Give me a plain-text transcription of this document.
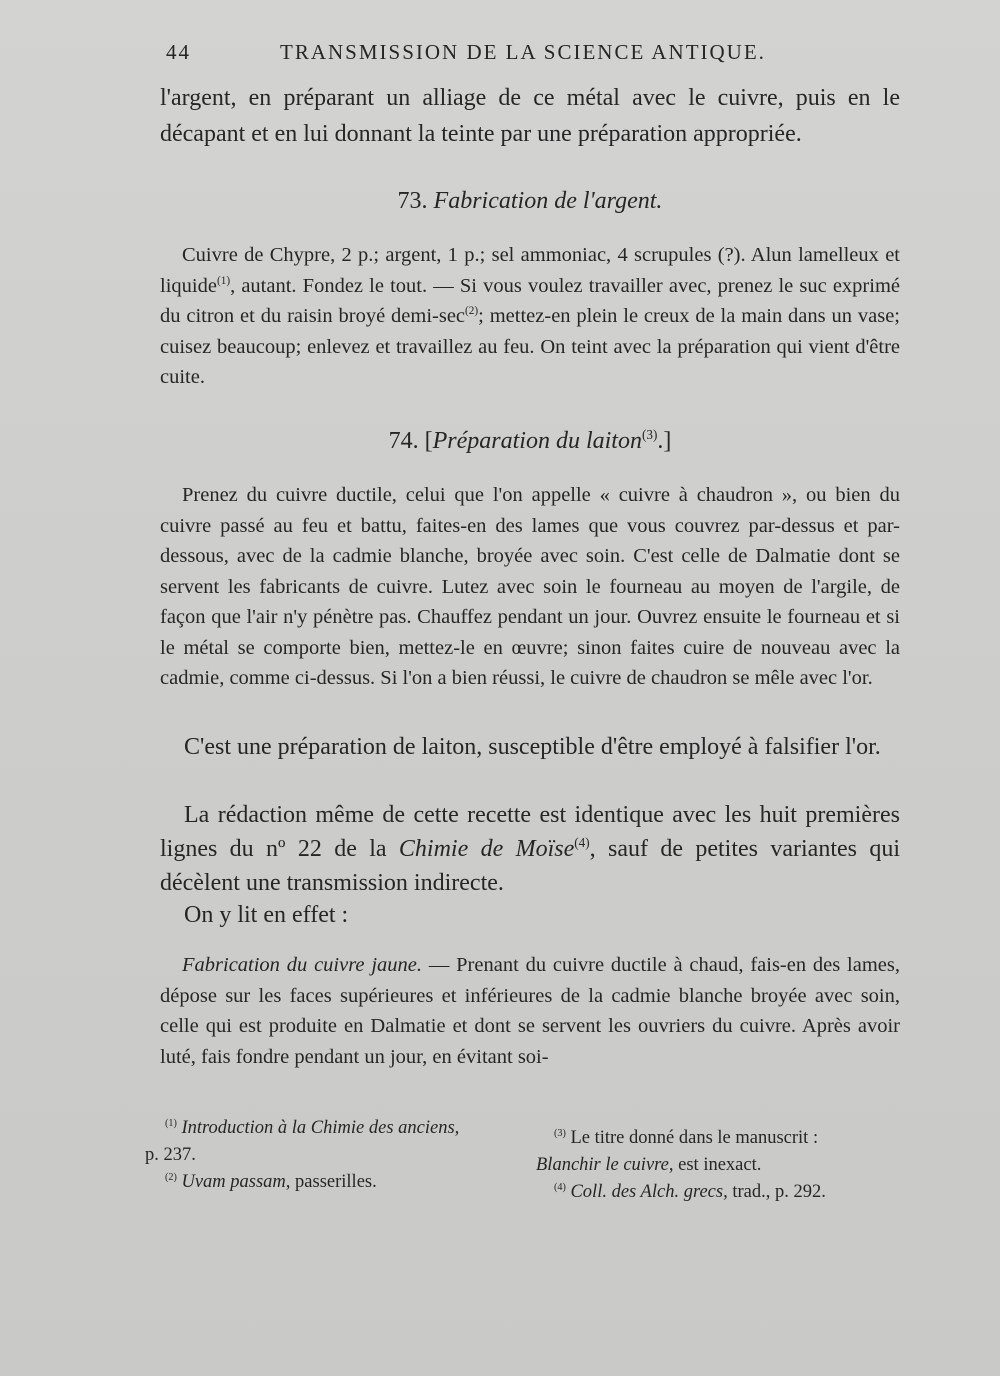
44	TRANSMISSION DE LA SCIENCE ANTIQUE.

l'argent, en préparant un alliage de ce métal avec le cuivre, puis en le décapant et en lui donnant la teinte par une préparation appropriée.

73. Fabrication de l'argent.

Cuivre de Chypre, 2 p.; argent, 1 p.; sel ammoniac, 4 scrupules (?). Alun lamelleux et liquide$^{(1)}$, autant. Fondez le tout. — Si vous voulez travailler avec, prenez le suc exprimé du citron et du raisin broyé demi-$\sec^{(2)}$; mettez-en plein le creux de la main dans un vase; cuisez beaucoup; enlevez et travaillez au feu. On teint avec la préparation qui vient d'être cuite.

74. [Préparation du laiton$^{(3)}$.]

Prenez du cuivre ductile, celui que l'on appelle « cuivre à chaudron », ou bien du cuivre passé au feu et battu, faites-en des lames que vous couvrez par-dessus et par-dessous, avec de la cadmie blanche, broyée avec soin. C'est celle de Dalmatie dont se servent les fabricants de cuivre. Lutez avec soin le fourneau au moyen de l'argile, de façon que l'air n'y pénètre pas. Chauffez pendant un jour. Ouvrez ensuite le fourneau et si le métal se comporte bien, mettez-le en œuvre; sinon faites cuire de nouveau avec la cadmie, comme ci-dessus. Si l'on a bien réussi, le cuivre de chaudron se mêle avec l'or.

C'est une préparation de laiton, susceptible d'être employé à falsifier l'or.

La rédaction même de cette recette est identique avec les huit premières lignes du nº 22 de la Chimie de Moïse$^{(4)}$, sauf de petites variantes qui décèlent une transmission indirecte.

On y lit en effet :

Fabrication du cuivre jaune. — Prenant du cuivre ductile à chaud, fais-en des lames, dépose sur les faces supérieures et inférieures de la cadmie blanche broyée avec soin, celle qui est produite en Dalmatie et dont se servent les ouvriers du cuivre. Après avoir luté, fais fondre pendant un jour, en évitant soi-

$^{(1)}$ Introduction à la Chimie des anciens,
p. 237.
$^{(2)}$ Uvam passam, passerilles.
$^{(3)}$ Le titre donné dans le manuscrit :
Blanchir le cuivre, est inexact.
$^{(4)}$ Coll. des Alch. grecs, trad., p. 292.
